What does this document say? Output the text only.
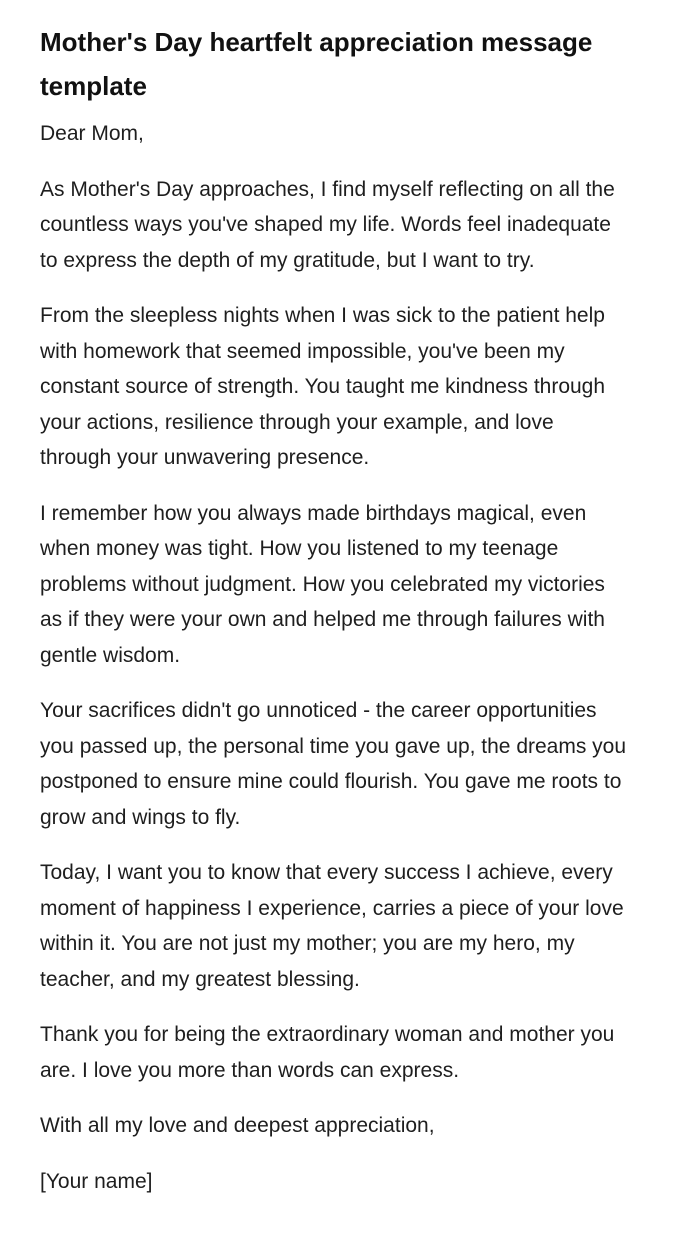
Mother's Day heartfelt appreciation message template

Dear Mom,

As Mother's Day approaches, I find myself reflecting on all the countless ways you've shaped my life. Words feel inadequate to express the depth of my gratitude, but I want to try.

From the sleepless nights when I was sick to the patient help with homework that seemed impossible, you've been my constant source of strength. You taught me kindness through your actions, resilience through your example, and love through your unwavering presence.

I remember how you always made birthdays magical, even when money was tight. How you listened to my teenage problems without judgment. How you celebrated my victories as if they were your own and helped me through failures with gentle wisdom.

Your sacrifices didn't go unnoticed - the career opportunities you passed up, the personal time you gave up, the dreams you postponed to ensure mine could flourish. You gave me roots to grow and wings to fly.

Today, I want you to know that every success I achieve, every moment of happiness I experience, carries a piece of your love within it. You are not just my mother; you are my hero, my teacher, and my greatest blessing.

Thank you for being the extraordinary woman and mother you are. I love you more than words can express.

With all my love and deepest appreciation,

[Your name]
